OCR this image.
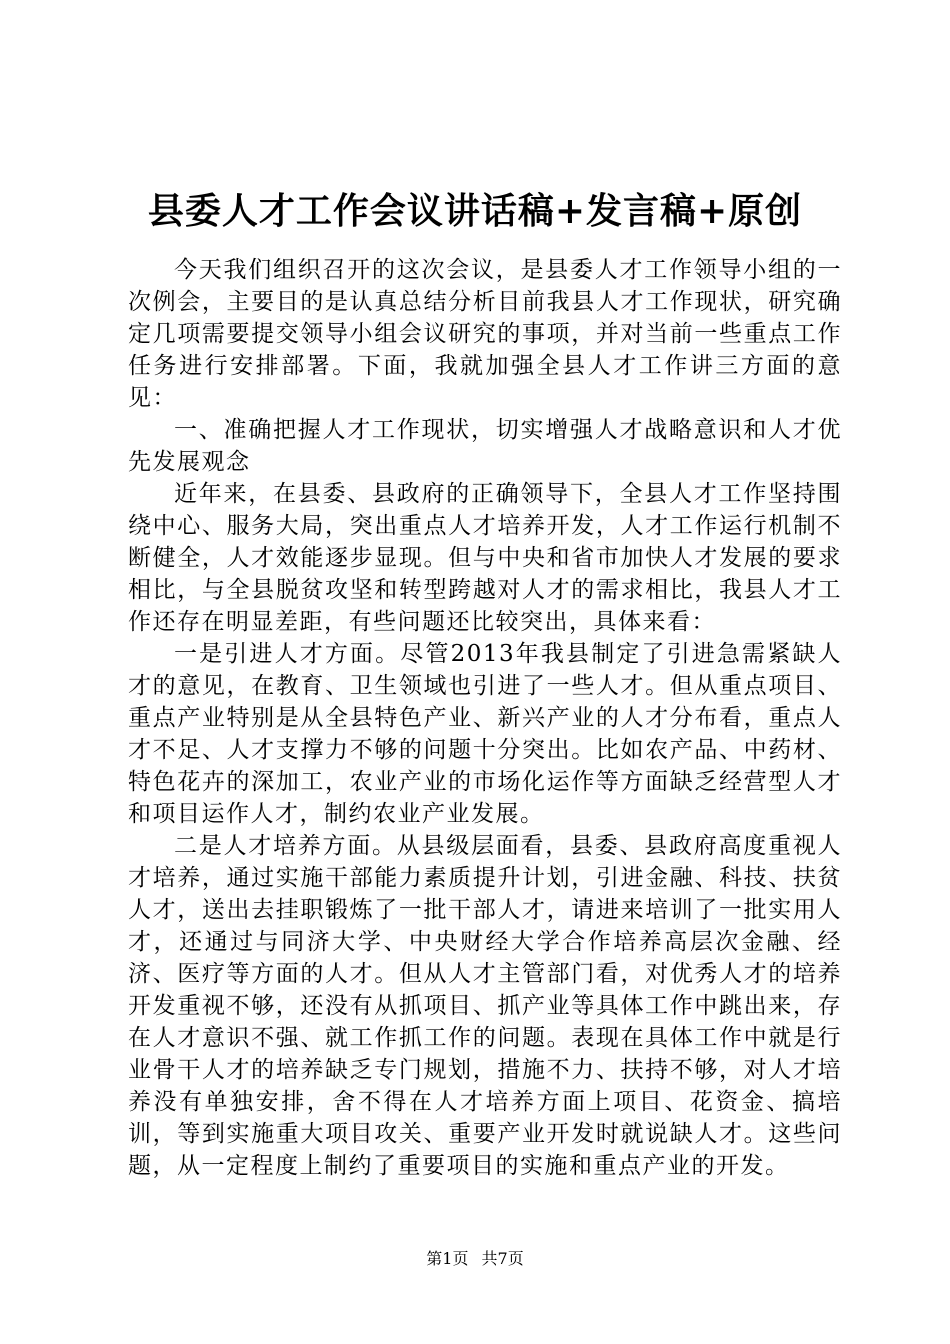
县委人才工作会议讲话稿+发言稿+原创

今天我们组织召开的这次会议，是县委人才工作领导小组的一次例会，主要目的是认真总结分析目前我县人才工作现状，研究确定几项需要提交领导小组会议研究的事项，并对当前一些重点工作任务进行安排部署。下面，我就加强全县人才工作讲三方面的意见：

一、准确把握人才工作现状，切实增强人才战略意识和人才优先发展观念

近年来，在县委、县政府的正确领导下，全县人才工作坚持围绕中心、服务大局，突出重点人才培养开发，人才工作运行机制不断健全，人才效能逐步显现。但与中央和省市加快人才发展的要求相比，与全县脱贫攻坚和转型跨越对人才的需求相比，我县人才工作还存在明显差距，有些问题还比较突出，具体来看：

一是引进人才方面。尽管2013年我县制定了引进急需紧缺人才的意见，在教育、卫生领域也引进了一些人才。但从重点项目、重点产业特别是从全县特色产业、新兴产业的人才分布看，重点人才不足、人才支撑力不够的问题十分突出。比如农产品、中药材、特色花卉的深加工，农业产业的市场化运作等方面缺乏经营型人才和项目运作人才，制约农业产业发展。

二是人才培养方面。从县级层面看，县委、县政府高度重视人才培养，通过实施干部能力素质提升计划，引进金融、科技、扶贫人才，送出去挂职锻炼了一批干部人才，请进来培训了一批实用人才，还通过与同济大学、中央财经大学合作培养高层次金融、经济、医疗等方面的人才。但从人才主管部门看，对优秀人才的培养开发重视不够，还没有从抓项目、抓产业等具体工作中跳出来，存在人才意识不强、就工作抓工作的问题。表现在具体工作中就是行业骨干人才的培养缺乏专门规划，措施不力、扶持不够，对人才培养没有单独安排，舍不得在人才培养方面上项目、花资金、搞培训，等到实施重大项目攻关、重要产业开发时就说缺人才。这些问题，从一定程度上制约了重要项目的实施和重点产业的开发。

第1页 共7页
